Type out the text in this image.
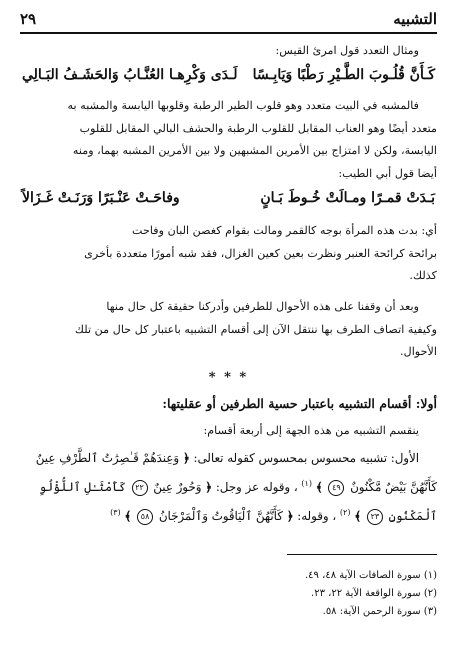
التشبيه
٢٩
ومثال التعدد قول امرئ القيس:
كَـأَنَّ قُلُـوبَ الطَّـيْرِ رَطْبًا وَيَابِـسًا
لَـدَى وَكْرِهـا العُنَّـابُ وَالحَشَـفُ البَـالِي
فالمشبه في البيت متعدد وهو قلوب الطير الرطبة وقلوبها اليابسة والمشبه به
متعدد أيضًا وهو العناب المقابل للقلوب الرطبة والحشف البالي المقابل للقلوب
اليابسة، ولكن لا امتزاج بين الأمرين المشبهين ولا بين الأمرين المشبه بهما، ومنه
أيضا قول أبي الطيب:
بَـدَتْ قمـرًا ومـالَتْ خُـوطَ بَـانٍ
وفاحَـتْ عَنْـبَرًا وَرَنَـتْ غَـزَالاً
أي: بدت هذه المرأة بوجه كالقمر ومالت بقوام كغصن البان وفاحت
برائحة كرائحة العنبر ونظرت بعين كعين الغزال، فقد شبه أمورًا متعددة بأخرى
كذلك.
وبعد أن وقفنا على هذه الأحوال للطرفين وأدركنا حقيقة كل حال منها
وكيفية اتصاف الطرف بها ننتقل الآن إلى أقسام التشبيه باعتبار كل حال من تلك
الأحوال.
* * *
أولا: أقسام التشبيه باعتبار حسية الطرفين أو عقليتها:
ينقسم التشبيه من هذه الجهة إلى أربعة أقسام:
الأول: تشبيه محسوس بمحسوس كقوله تعالى: ﴿ وَعِندَهُمْ قَـٰصِرَٰتُ ٱلطَّرْفِ عِينٌ
كَأَنَّهُنَّ بَيْضٌ مَّكْنُونٌ ٤٩ ﴾ $^{(١)}$ ، وقوله عز وجل: ﴿ وَحُورٌ عِينٌ ٢٢ كَأَمْثَـٰلِ ٱللُّؤْلُوِ
ٱلْمَكْنُونِ ٢٣ ﴾ $^{(٢)}$ ، وقوله: ﴿ كَأَنَّهُنَّ ٱلْيَاقُوتُ وَٱلْمَرْجَانُ ٥٨ ﴾ $^{(٣)}$
(١) سورة الصافات الآية ٤٨، ٤٩.
(٢) سورة الواقعة الآية ٢٢، ٢٣.
(٣) سورة الرحمن الآية: ٥٨.
